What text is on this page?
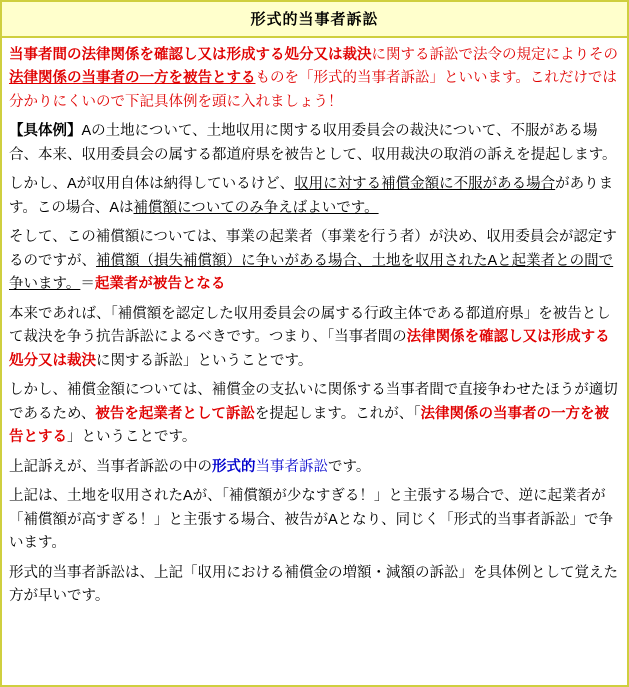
形式的当事者訴訟

当事者間の法律関係を確認し又は形成する処分又は裁決に関する訴訟で法令の規定によりその法律関係の当事者の一方を被告とするものを「形式的当事者訴訟」といいます。これだけでは分かりにくいので下記具体例を頭に入れましょう！

【具体例】Aの土地について、土地収用に関する収用委員会の裁決について、不服がある場合、本来、収用委員会の属する都道府県を被告として、収用裁決の取消の訴えを提起します。

しかし、Aが収用自体は納得しているけど、収用に対する補償金額に不服がある場合があります。この場合、Aは補償額についてのみ争えばよいです。

そして、この補償額については、事業の起業者（事業を行う者）が決め、収用委員会が認定するのですが、補償額（損失補償額）に争いがある場合、土地を収用されたAと起業者との間で争います。＝起業者が被告となる

本来であれば、「補償額を認定した収用委員会の属する行政主体である都道府県」を被告として裁決を争う抗告訴訟によるべきです。つまり、「当事者間の法律関係を確認し又は形成する処分又は裁決に関する訴訟」ということです。

しかし、補償金額については、補償金の支払いに関係する当事者間で直接争わせたほうが適切であるため、被告を起業者として訴訟を提起します。これが、「法律関係の当事者の一方を被告とする」ということです。

上記訴えが、当事者訴訟の中の形式的当事者訴訟です。

上記は、土地を収用されたAが、「補償額が少なすぎる！」と主張する場合で、逆に起業者が「補償額が高すぎる！」と主張する場合、被告がAとなり、同じく「形式的当事者訴訟」で争います。

形式的当事者訴訟は、上記「収用における補償金の増額・減額の訴訟」を具体例として覚えた方が早いです。
